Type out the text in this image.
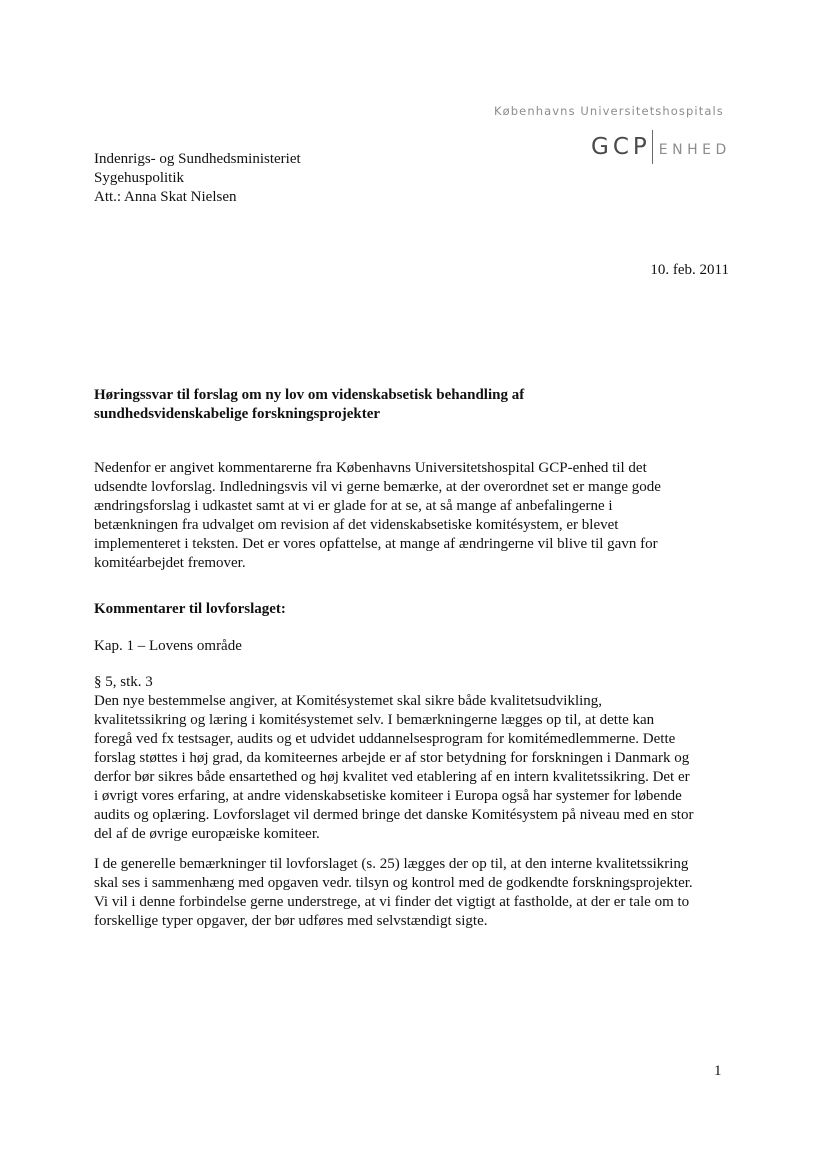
Københavns Universitetshospitals
GCP ENHED
Indenrigs- og Sundhedsministeriet
Sygehuspolitik
Att.: Anna Skat Nielsen
10. feb. 2011
Høringssvar til forslag om ny lov om videnskabsetisk behandling af
sundhedsvidenskabelige forskningsprojekter
Nedenfor er angivet kommentarerne fra Københavns Universitetshospital GCP-enhed til det
udsendte lovforslag. Indledningsvis vil vi gerne bemærke, at der overordnet set er mange gode
ændringsforslag i udkastet samt at vi er glade for at se, at så mange af anbefalingerne i
betænkningen fra udvalget om revision af det videnskabsetiske komitésystem, er blevet
implementeret i teksten. Det er vores opfattelse, at mange af ændringerne vil blive til gavn for
komitéarbejdet fremover.
Kommentarer til lovforslaget:
Kap. 1 – Lovens område
§ 5, stk. 3
Den nye bestemmelse angiver, at Komitésystemet skal sikre både kvalitetsudvikling,
kvalitetssikring og læring i komitésystemet selv. I bemærkningerne lægges op til, at dette kan
foregå ved fx testsager, audits og et udvidet uddannelsesprogram for komitémedlemmerne. Dette
forslag støttes i høj grad, da komiteernes arbejde er af stor betydning for forskningen i Danmark og
derfor bør sikres både ensartethed og høj kvalitet ved etablering af en intern kvalitetssikring. Det er
i øvrigt vores erfaring, at andre videnskabsetiske komiteer i Europa også har systemer for løbende
audits og oplæring. Lovforslaget vil dermed bringe det danske Komitésystem på niveau med en stor
del af de øvrige europæiske komiteer.
I de generelle bemærkninger til lovforslaget (s. 25) lægges der op til, at den interne kvalitetssikring
skal ses i sammenhæng med opgaven vedr. tilsyn og kontrol med de godkendte forskningsprojekter.
Vi vil i denne forbindelse gerne understrege, at vi finder det vigtigt at fastholde, at der er tale om to
forskellige typer opgaver, der bør udføres med selvstændigt sigte.
1
